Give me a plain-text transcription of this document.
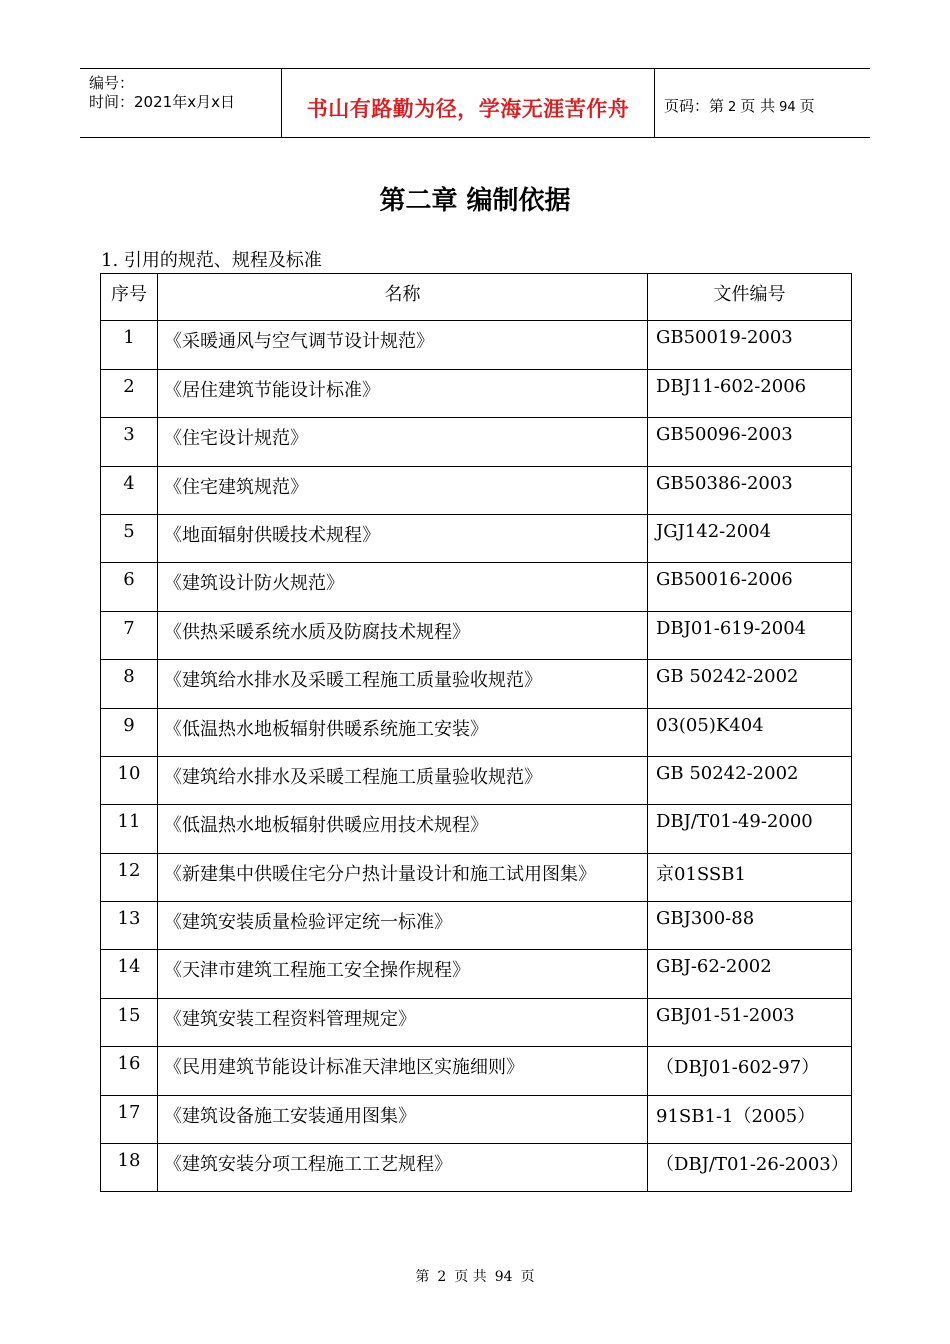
编号：
时间：2021年x月x日	书山有路勤为径，学海无涯苦作舟	页码：第 2 页 共 94 页
第二章 编制依据
1. 引用的规范、规程及标准
序号	名称	文件编号
1	《采暖通风与空气调节设计规范》	GB50019-2003
2	《居住建筑节能设计标准》	DBJ11-602-2006
3	《住宅设计规范》	GB50096-2003
4	《住宅建筑规范》	GB50386-2003
5	《地面辐射供暖技术规程》	JGJ142-2004
6	《建筑设计防火规范》	GB50016-2006
7	《供热采暖系统水质及防腐技术规程》	DBJ01-619-2004
8	《建筑给水排水及采暖工程施工质量验收规范》	GB 50242-2002
9	《低温热水地板辐射供暖系统施工安装》	03(05)K404
10	《建筑给水排水及采暖工程施工质量验收规范》	GB 50242-2002
11	《低温热水地板辐射供暖应用技术规程》	DBJ/T01-49-2000
12	《新建集中供暖住宅分户热计量设计和施工试用图集》	京01SSB1
13	《建筑安装质量检验评定统一标准》	GBJ300-88
14	《天津市建筑工程施工安全操作规程》	GBJ-62-2002
15	《建筑安装工程资料管理规定》	GBJ01-51-2003
16	《民用建筑节能设计标准天津地区实施细则》	（DBJ01-602-97）
17	《建筑设备施工安装通用图集》	91SB1-1（2005）
18	《建筑安装分项工程施工工艺规程》	（DBJ/T01-26-2003）
第 2 页 共 94 页
